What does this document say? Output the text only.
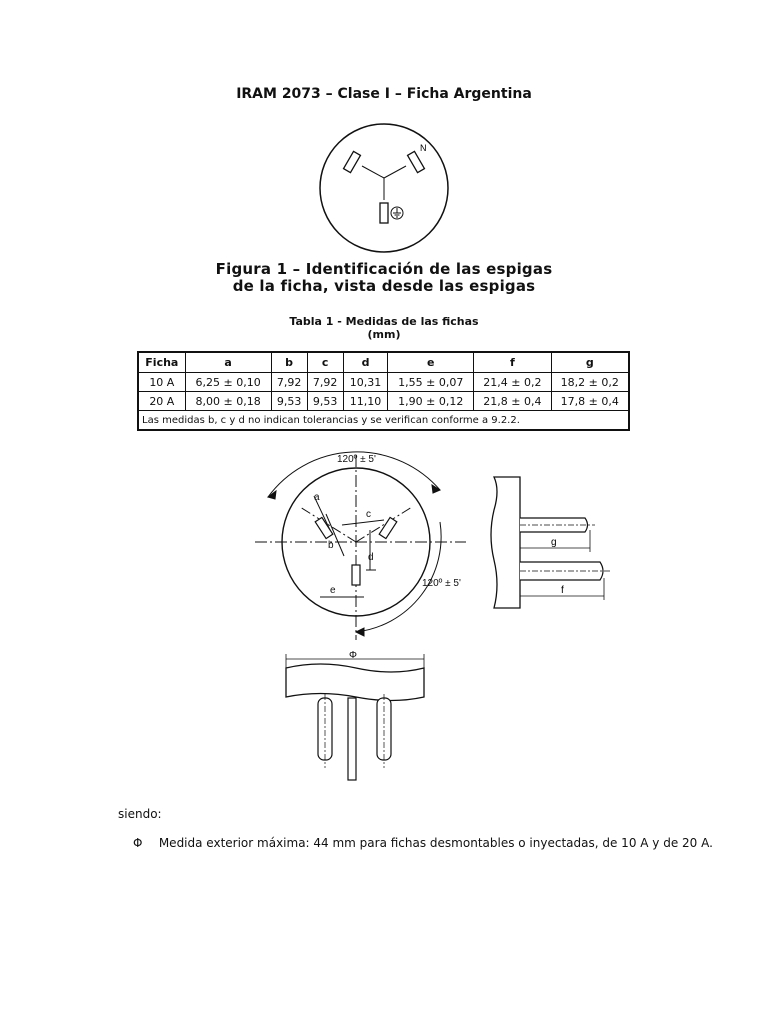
IRAM 2073 – Clase I – Ficha Argentina
N
Figura 1 – Identificación de las espigas
de la ficha, vista desde las espigas
Tabla 1 - Medidas de las fichas
(mm)
Ficha	a	b	c	d	e	f	g
10 A	6,25 ± 0,10	7,92	7,92	10,31	1,55 ± 0,07	21,4 ± 0,2	18,2 ± 0,2
20 A	8,00 ± 0,18	9,53	9,53	11,10	1,90 ± 0,12	21,8 ± 0,4	17,8 ± 0,4
Las medidas b, c y d no indican tolerancias y se verifican conforme a 9.2.2.							
120º ± 5'
120º ± 5'
a
b
c
d
e
g
f
Φ
siendo:
Φ Medida exterior máxima: 44 mm para fichas desmontables o inyectadas, de 10 A y de 20 A.
